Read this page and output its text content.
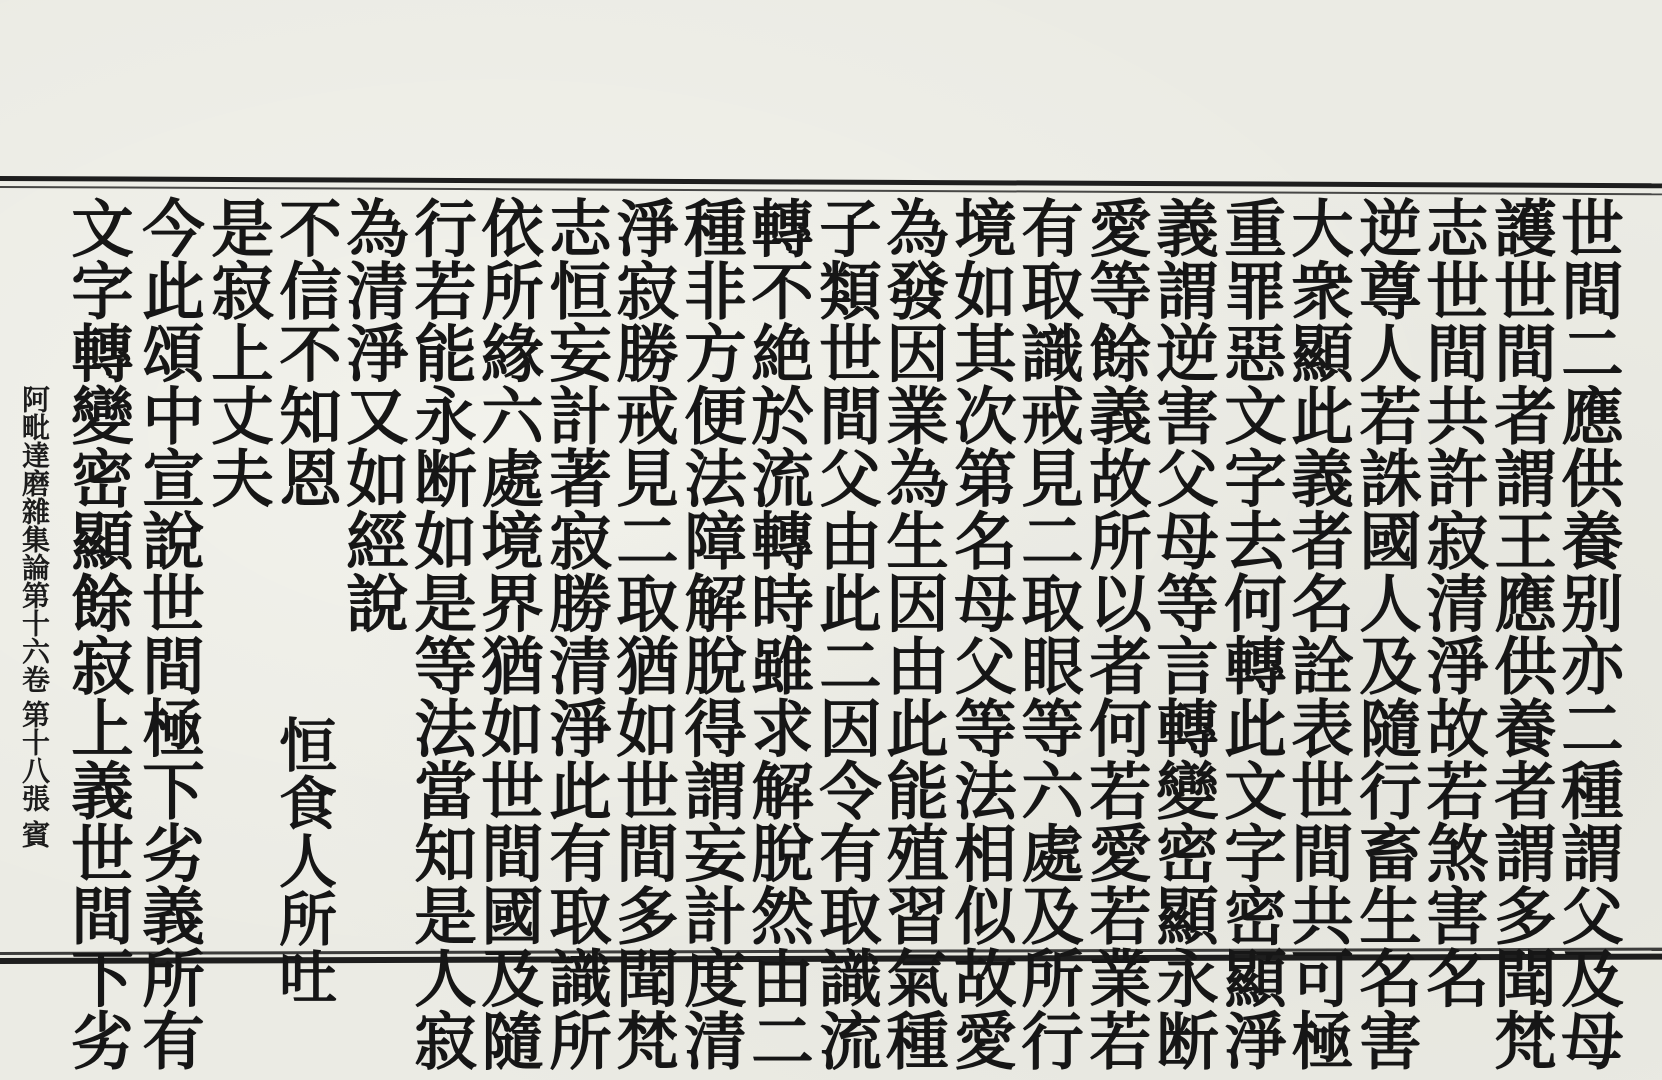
世間二應供養别亦二種謂父及母
護世間者謂王應供養者謂多聞梵
志世間共許寂清淨故若煞害名
逆尊人若誅國人及隨行畜生名害
大衆顯此義者名詮表世間共可極
重罪惡文字去何轉此文字密顯淨
義謂逆害父母等言轉變密顯永断
愛等餘義故所以者何若愛若業若
有取識戒見二取眼等六處及所行
境如其次第名母父等法相似故愛
為發因業為生因由此能殖習氣種
子類世間父由此二因令有取識流
轉不絶於流轉時雖求解脫然由二
種非方便法障解脫得謂妄計度清
淨寂勝戒見二取猶如世間多聞梵
志恒妄計著寂勝清淨此有取識所
依所緣六處境界猶如世間國及隨
行若能永断如是等法當知是人寂
為清淨又如經說
不信不知恩
是寂上丈夫
今此頌中宣說世間極下劣義所有
文字轉變密顯餘寂上義世間下劣 恒食人所吐
阿毗達磨雜集論第十六卷
第十八張
賓
